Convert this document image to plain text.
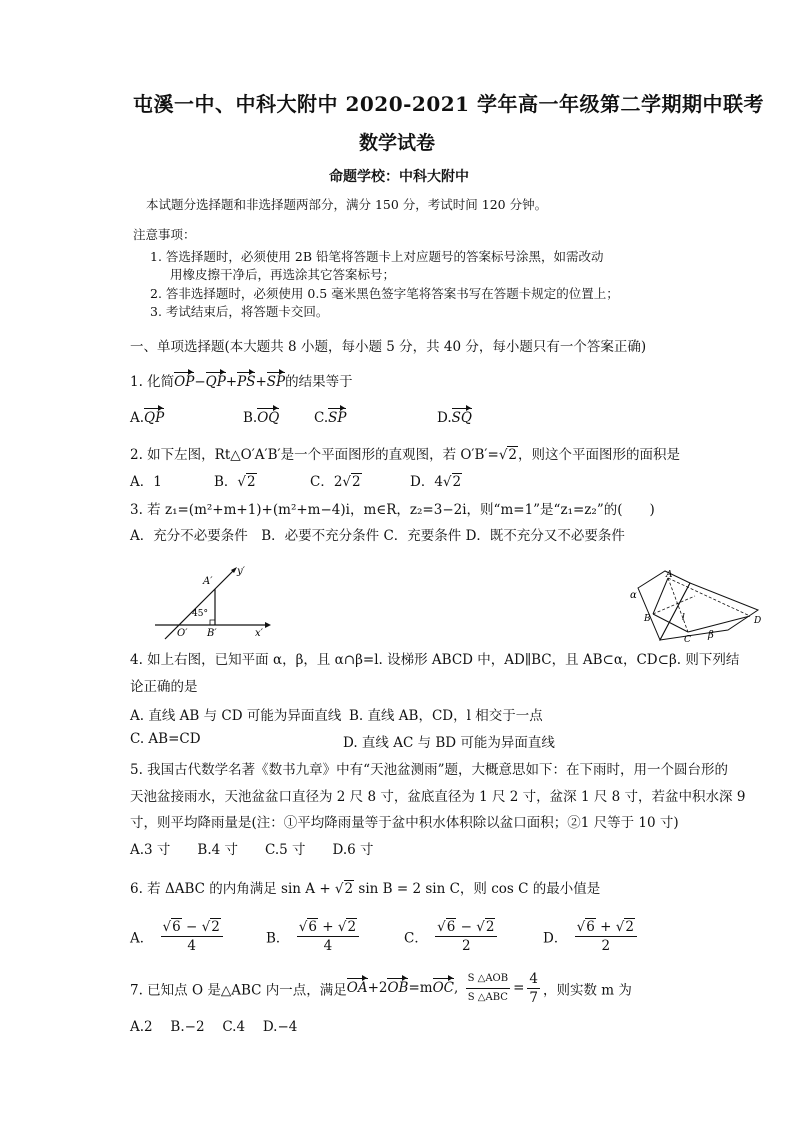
屯溪一中、中科大附中 2020-2021 学年高一年级第二学期期中联考
数学试卷
命题学校：中科大附中
本试题分选择题和非选择题两部分，满分 150 分，考试时间 120 分钟。
注意事项：
1. 答选择题时，必须使用 2B 铅笔将答题卡上对应题号的答案标号涂黑，如需改动
用橡皮擦干净后，再选涂其它答案标号；
2. 答非选择题时，必须使用 0.5 毫米黑色签字笔将答案书写在答题卡规定的位置上；
3. 考试结束后，将答题卡交回。
一、单项选择题(本大题共 8 小题，每小题 5 分，共 40 分，每小题只有一个答案正确)
1. 化简OP−QP+PS+SP的结果等于
A.QP	B.OQ	C.SP	D.SQ
2. 如下左图，Rt△O′A′B′是一个平面图形的直观图，若 O′B′=√2，则这个平面图形的面积是
A．1	B．√2	C．2√2	D．4√2
3. 若 z₁=(m²+m+1)+(m²+m−4)i，m∈R，z₂=3−2i，则“m=1”是“z₁=z₂”的(　　)
A．充分不必要条件　B．必要不充分条件 C．充要条件 D．既不充分又不必要条件
A′
y′
45°
O′ B′	x′
α
A
B	l
C β
D
4. 如上右图，已知平面 α，β，且 α∩β=l. 设梯形 ABCD 中，AD∥BC，且 AB⊂α，CD⊂β. 则下列结
论正确的是
A. 直线 AB 与 CD 可能为异面直线 B. 直线 AB，CD，l 相交于一点
C. AB=CD	D. 直线 AC 与 BD 可能为异面直线
5. 我国古代数学名著《数书九章》中有“天池盆测雨”题，大概意思如下：在下雨时，用一个圆台形的
天池盆接雨水，天池盆盆口直径为 2 尺 8 寸，盆底直径为 1 尺 2 寸，盆深 1 尺 8 寸，若盆中积水深 9
寸，则平均降雨量是(注：①平均降雨量等于盆中积水体积除以盆口面积；②1 尺等于 10 寸)
A.3 寸　　B.4 寸　　C.5 寸　　D.6 寸
6. 若 ΔABC 的内角满足 sin A + √2 sin B = 2 sin C，则 cos C 的最小值是
A． $\frac{√6 - √2}{4}$	B． $\frac{√6 + √2}{4}$	C． $\frac{√6 - √2}{2}$	D． $\frac{√6 + √2}{2}$
7. 已知点 O 是△ABC 内一点，满足OA+2OB=mOC, $\frac{\text{S △AOB}}{\text{S △ABC}} = \frac{4}{7}$ ，则实数 m 为
A.2　 B.−2　 C.4　 D.−4
